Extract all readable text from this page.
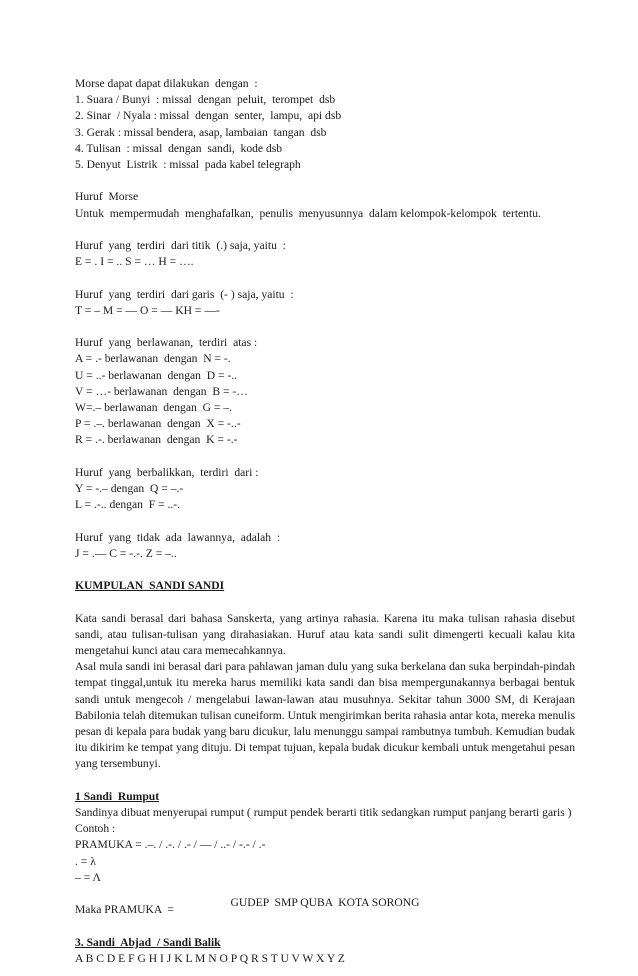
Morse dapat dapat dilakukan  dengan  :
1. Suara / Bunyi  : missal  dengan  peluit,  terompet  dsb
2. Sinar  / Nyala : missal  dengan  senter,  lampu,  api dsb
3. Gerak : missal bendera, asap, lambaian  tangan  dsb
4. Tulisan  : missal  dengan  sandi,  kode dsb
5. Denyut  Listrik  : missal  pada kabel telegraph
Huruf  Morse
Untuk  mempermudah  menghafalkan,  penulis  menyusunnya  dalam kelompok-kelompok  tertentu.
Huruf  yang  terdiri  dari titik  (.) saja, yaitu  :
E = . I = .. S = … H = ….
Huruf  yang  terdiri  dari garis  (- ) saja, yaitu  :
T = – M = — O = — KH = —-
Huruf  yang  berlawanan,  terdiri  atas :
A = .- berlawanan  dengan  N = -.
U = ..- berlawanan  dengan  D = -..
V = …- berlawanan  dengan  B = -…
W=.– berlawanan  dengan  G = –.
P = .–. berlawanan  dengan  X = -..-
R = .-. berlawanan  dengan  K = -.-
Huruf  yang  berbalikkan,  terdiri  dari :
Y = -.– dengan  Q = –.-
L = .-.. dengan  F = ..-.
Huruf  yang  tidak  ada  lawannya,  adalah  :
J = .— C = -.-. Z = –..
KUMPULAN  SANDI SANDI
Kata sandi berasal dari bahasa Sanskerta, yang artinya rahasia. Karena itu maka tulisan rahasia disebut sandi, atau tulisan-tulisan yang dirahasiakan. Huruf atau kata sandi sulit dimengerti kecuali kalau kita mengetahui kunci atau cara memecahkannya.
Asal mula sandi ini berasal dari para pahlawan jaman dulu yang suka berkelana dan suka berpindah-pindah tempat tinggal,untuk itu mereka harus memiliki kata sandi dan bisa mempergunakannya berbagai bentuk sandi untuk mengecoh / mengelabui lawan-lawan atau musuhnya. Sekitar tahun 3000 SM, di Kerajaan Babilonia telah ditemukan tulisan cuneiform. Untuk mengirimkan berita rahasia antar kota, mereka menulis pesan di kepala para budak yang baru dicukur, lalu menunggu sampai rambutnya tumbuh. Kemudian budak itu dikirim ke tempat yang dituju. Di tempat tujuan, kepala budak dicukur kembali untuk mengetahui pesan yang tersembunyi.
1 Sandi  Rumput
Sandinya dibuat menyerupai rumput ( rumput pendek berarti titik sedangkan rumput panjang berarti garis )
Contoh :
PRAMUKA = .–. / .-. / .- / — / ..- / -.- / .-
. = λ
– = Λ
Maka PRAMUKA  =
3. Sandi  Abjad  / Sandi Balik
A B C D E F G H I J K L M N O P Q R S T U V W X Y Z
GUDEP  SMP QUBA  KOTA SORONG
